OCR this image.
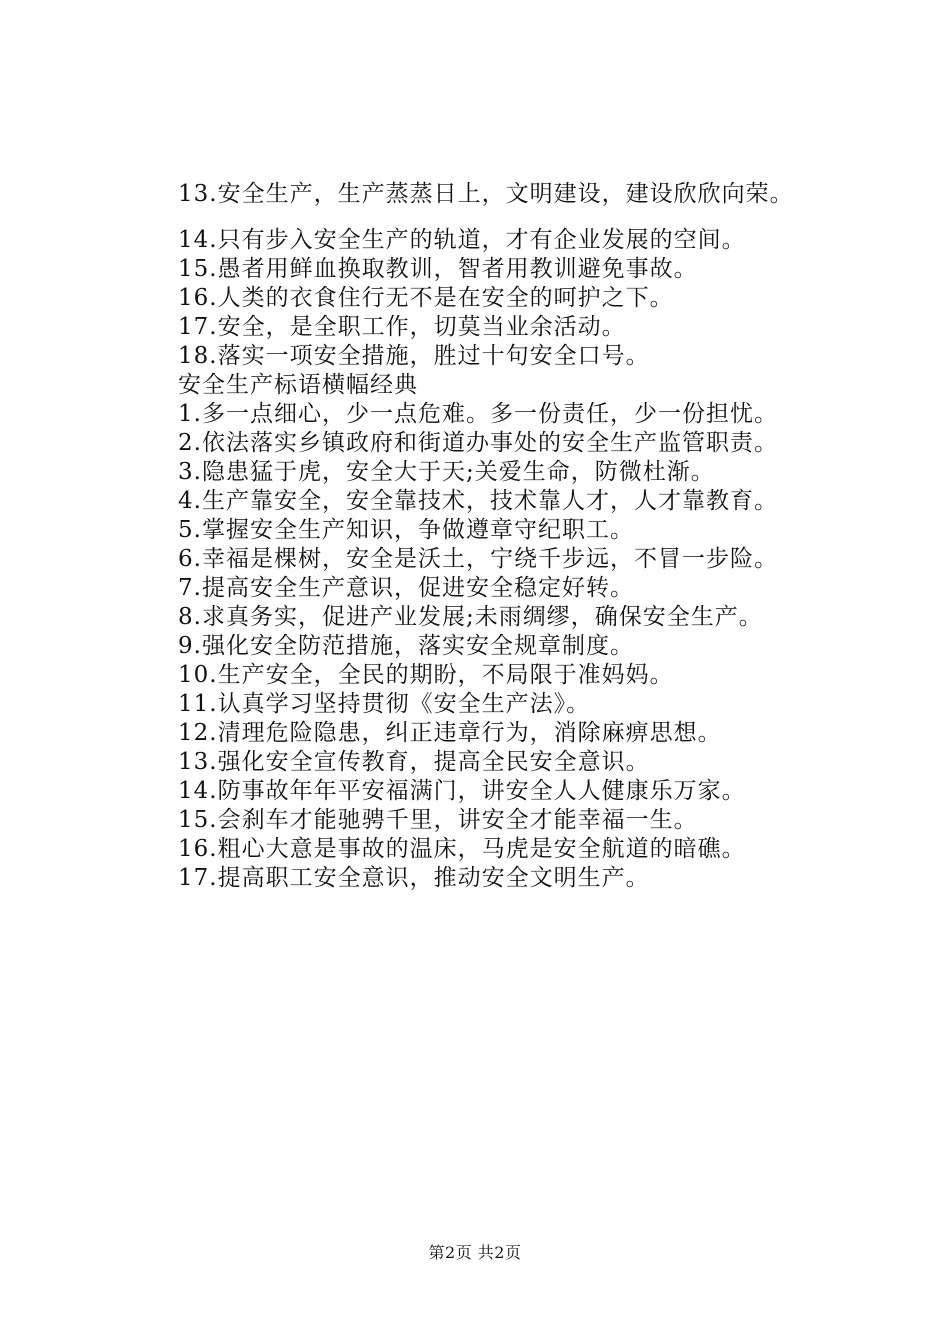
13.安全生产，生产蒸蒸日上，文明建设，建设欣欣向荣。
14.只有步入安全生产的轨道，才有企业发展的空间。
15.愚者用鲜血换取教训，智者用教训避免事故。
16.人类的衣食住行无不是在安全的呵护之下。
17.安全，是全职工作，切莫当业余活动。
18.落实一项安全措施，胜过十句安全口号。
安全生产标语横幅经典
1.多一点细心，少一点危难。多一份责任，少一份担忧。
2.依法落实乡镇政府和街道办事处的安全生产监管职责。
3.隐患猛于虎，安全大于天;关爱生命，防微杜渐。
4.生产靠安全，安全靠技术，技术靠人才，人才靠教育。
5.掌握安全生产知识，争做遵章守纪职工。
6.幸福是棵树，安全是沃土，宁绕千步远，不冒一步险。
7.提高安全生产意识，促进安全稳定好转。
8.求真务实，促进产业发展;未雨绸缪，确保安全生产。
9.强化安全防范措施，落实安全规章制度。
10.生产安全，全民的期盼，不局限于准妈妈。
11.认真学习坚持贯彻《安全生产法》。
12.清理危险隐患，纠正违章行为，消除麻痹思想。
13.强化安全宣传教育，提高全民安全意识。
14.防事故年年平安福满门，讲安全人人健康乐万家。
15.会刹车才能驰骋千里，讲安全才能幸福一生。
16.粗心大意是事故的温床，马虎是安全航道的暗礁。
17.提高职工安全意识，推动安全文明生产。
第2页 共2页
